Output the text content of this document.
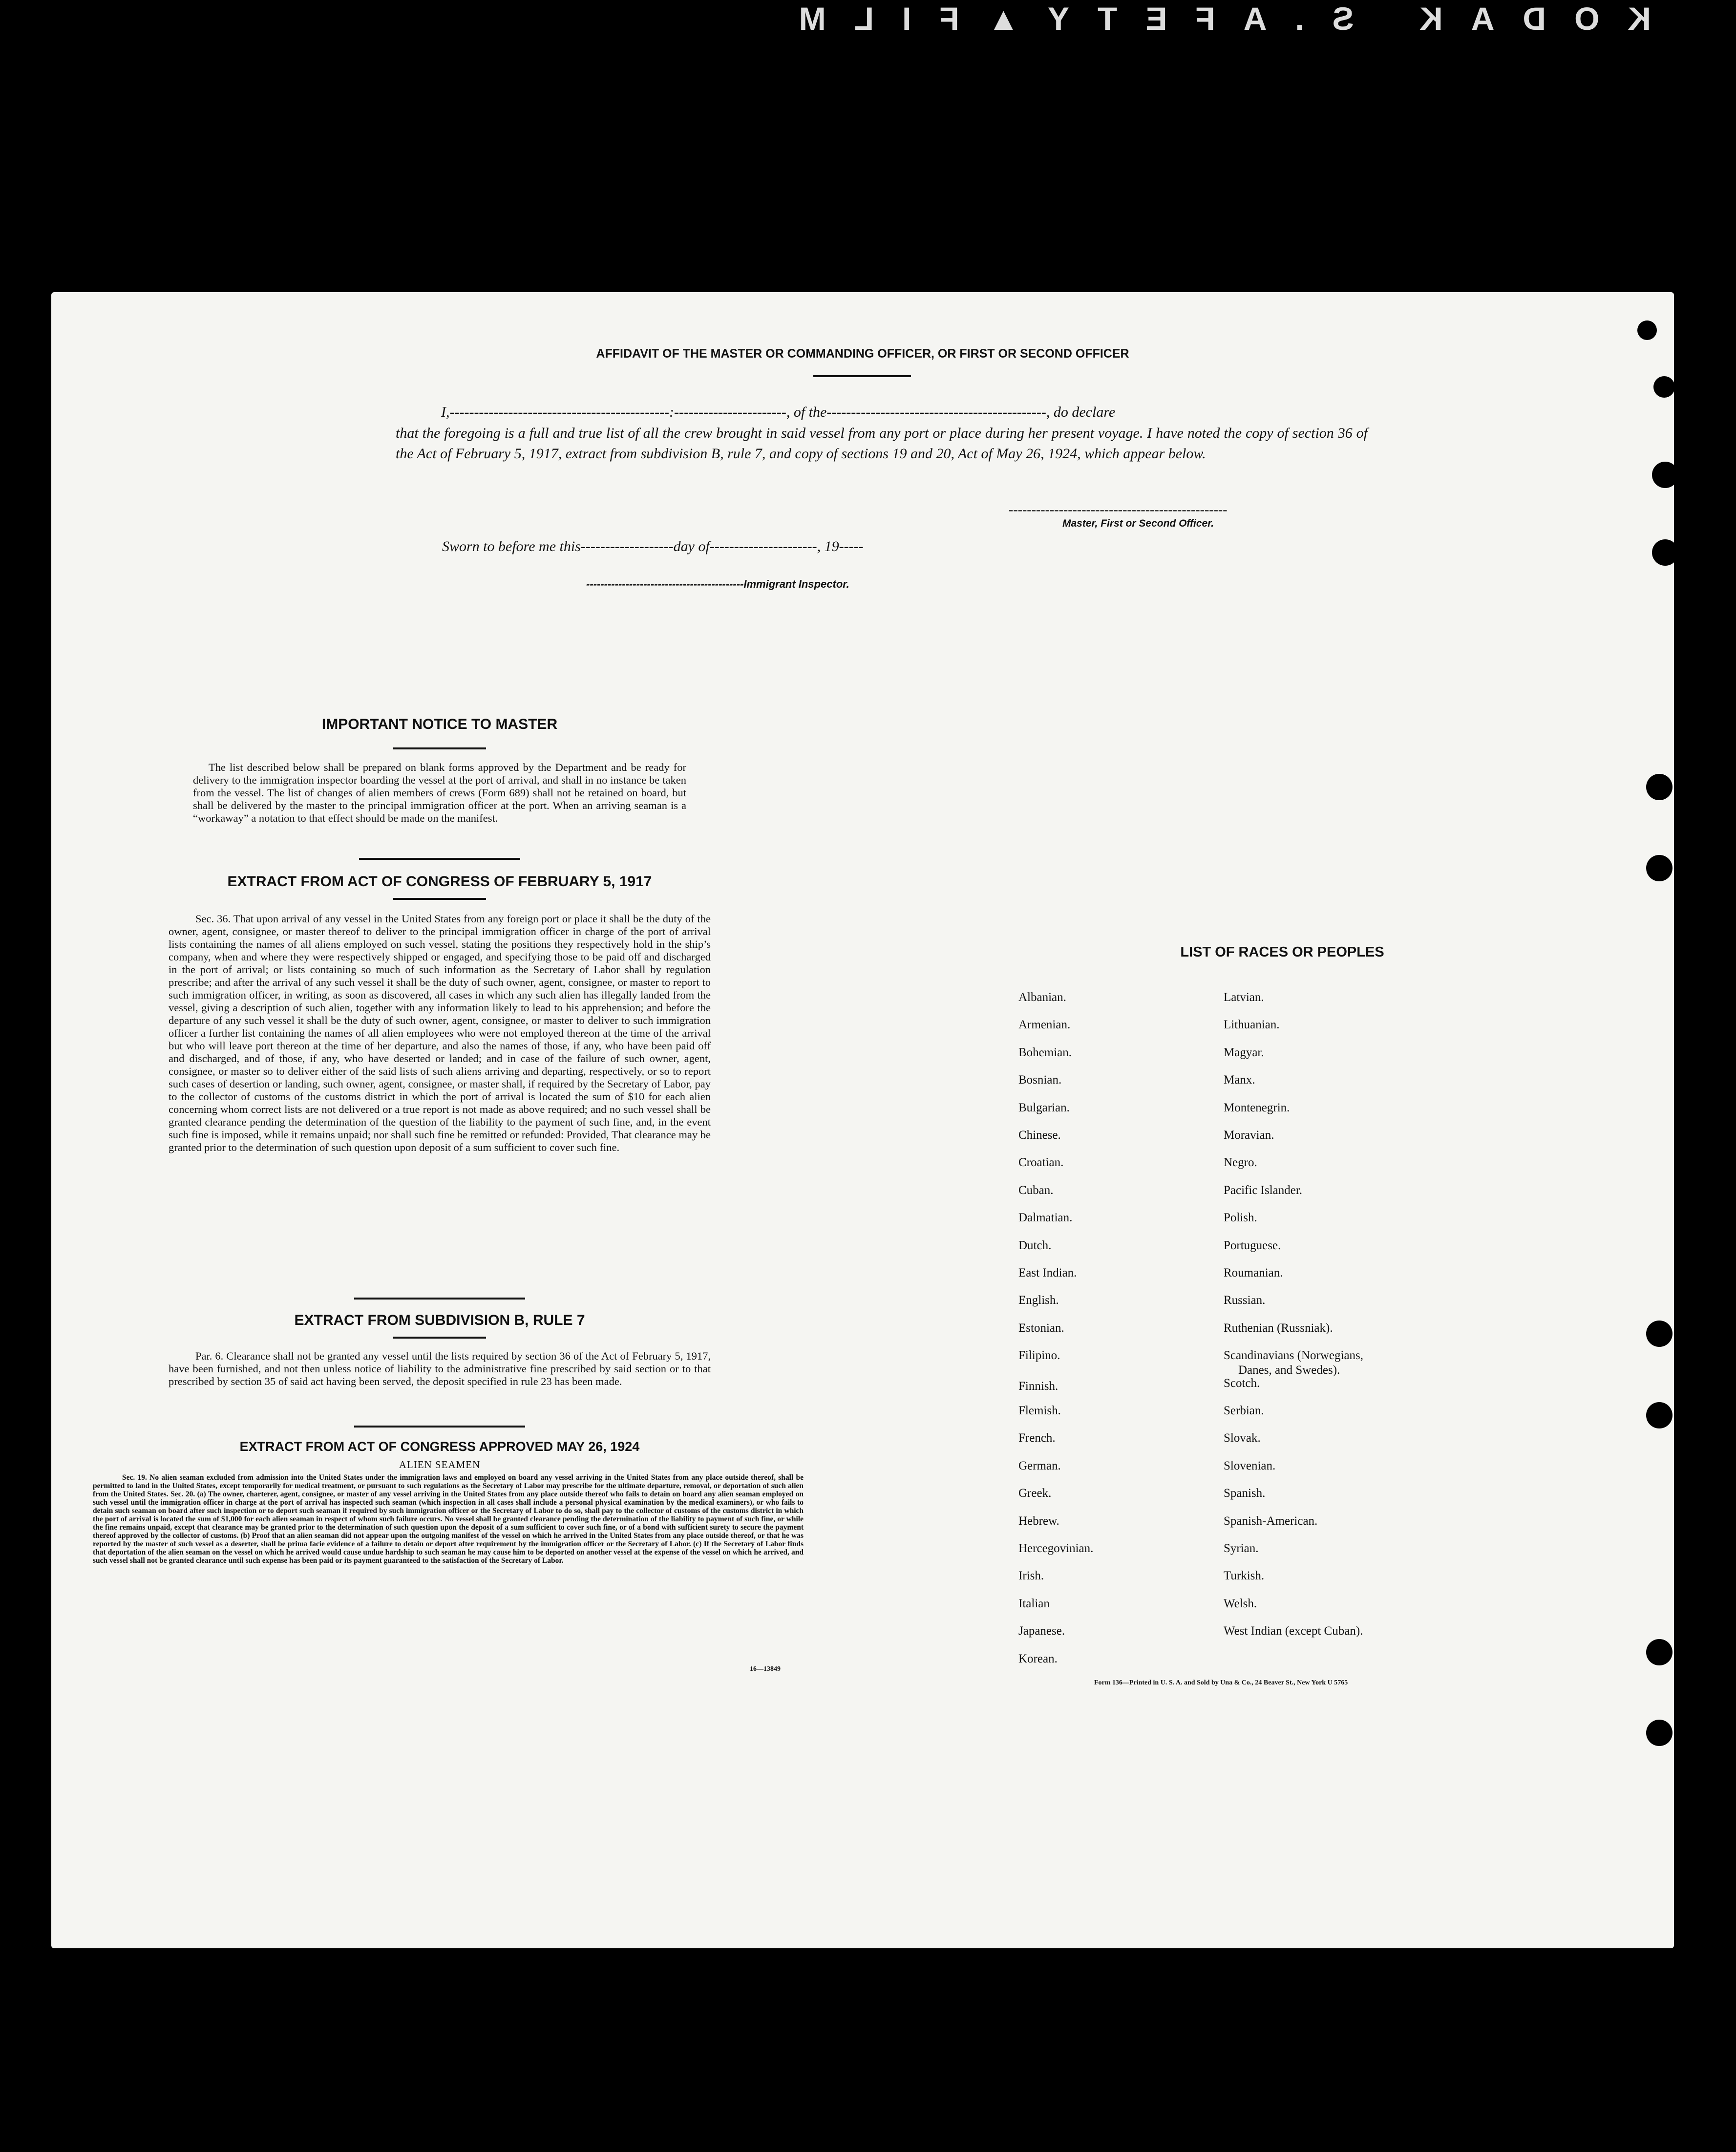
KODAK S.AFETY▲FILM
AFFIDAVIT OF THE MASTER OR COMMANDING OFFICER, OR FIRST OR SECOND OFFICER
I,---------------------------------------------:-----------------------, of the---------------------------------------------, do declare
that the foregoing is a full and true list of all the crew brought in said vessel from any port or place during her present voyage. I have noted the copy of section 36 of the Act of February 5, 1917, extract from subdivision B, rule 7, and copy of sections 19 and 20, Act of May 26, 1924, which appear below.
------------------------------------------------
Master, First or Second Officer.
Sworn to before me this-------------------day of----------------------, 19-----
--------------------------------------------Immigrant Inspector.
IMPORTANT NOTICE TO MASTER
The list described below shall be prepared on blank forms approved by the Department and be ready for delivery to the immigration inspector boarding the vessel at the port of arrival, and shall in no instance be taken from the vessel. The list of changes of alien members of crews (Form 689) shall not be retained on board, but shall be delivered by the master to the principal immigration officer at the port. When an arriving seaman is a “workaway” a notation to that effect should be made on the manifest.
EXTRACT FROM ACT OF CONGRESS OF FEBRUARY 5, 1917
Sec. 36. That upon arrival of any vessel in the United States from any foreign port or place it shall be the duty of the owner, agent, consignee, or master thereof to deliver to the principal immigration officer in charge of the port of arrival lists containing the names of all aliens employed on such vessel, stating the positions they respectively hold in the ship’s company, when and where they were respectively shipped or engaged, and specifying those to be paid off and discharged in the port of arrival; or lists containing so much of such information as the Secretary of Labor shall by regulation prescribe; and after the arrival of any such vessel it shall be the duty of such owner, agent, consignee, or master to report to such immigration officer, in writing, as soon as discovered, all cases in which any such alien has illegally landed from the vessel, giving a description of such alien, together with any information likely to lead to his apprehension; and before the departure of any such vessel it shall be the duty of such owner, agent, consignee, or master to deliver to such immigration officer a further list containing the names of all alien employees who were not employed thereon at the time of the arrival but who will leave port thereon at the time of her departure, and also the names of those, if any, who have been paid off and discharged, and of those, if any, who have deserted or landed; and in case of the failure of such owner, agent, consignee, or master so to deliver either of the said lists of such aliens arriving and departing, respectively, or so to report such cases of desertion or landing, such owner, agent, consignee, or master shall, if required by the Secretary of Labor, pay to the collector of customs of the customs district in which the port of arrival is located the sum of $10 for each alien concerning whom correct lists are not delivered or a true report is not made as above required; and no such vessel shall be granted clearance pending the determination of the question of the liability to the payment of such fine, and, in the event such fine is imposed, while it remains unpaid; nor shall such fine be remitted or refunded: Provided, That clearance may be granted prior to the determination of such question upon deposit of a sum sufficient to cover such fine.
EXTRACT FROM SUBDIVISION B, RULE 7
Par. 6. Clearance shall not be granted any vessel until the lists required by section 36 of the Act of February 5, 1917, have been furnished, and not then unless notice of liability to the administrative fine prescribed by said section or to that prescribed by section 35 of said act having been served, the deposit specified in rule 23 has been made.
EXTRACT FROM ACT OF CONGRESS APPROVED MAY 26, 1924
ALIEN SEAMEN
Sec. 19. No alien seaman excluded from admission into the United States under the immigration laws and employed on board any vessel arriving in the United States from any place outside thereof, shall be permitted to land in the United States, except temporarily for medical treatment, or pursuant to such regulations as the Secretary of Labor may prescribe for the ultimate departure, removal, or deportation of such alien from the United States. Sec. 20. (a) The owner, charterer, agent, consignee, or master of any vessel arriving in the United States from any place outside thereof who fails to detain on board any alien seaman employed on such vessel until the immigration officer in charge at the port of arrival has inspected such seaman (which inspection in all cases shall include a personal physical examination by the medical examiners), or who fails to detain such seaman on board after such inspection or to deport such seaman if required by such immigration officer or the Secretary of Labor to do so, shall pay to the collector of customs of the customs district in which the port of arrival is located the sum of $1,000 for each alien seaman in respect of whom such failure occurs. No vessel shall be granted clearance pending the determination of the liability to payment of such fine, or while the fine remains unpaid, except that clearance may be granted prior to the determination of such question upon the deposit of a sum sufficient to cover such fine, or of a bond with sufficient surety to secure the payment thereof approved by the collector of customs. (b) Proof that an alien seaman did not appear upon the outgoing manifest of the vessel on which he arrived in the United States from any place outside thereof, or that he was reported by the master of such vessel as a deserter, shall be prima facie evidence of a failure to detain or deport after requirement by the immigration officer or the Secretary of Labor. (c) If the Secretary of Labor finds that deportation of the alien seaman on the vessel on which he arrived would cause undue hardship to such seaman he may cause him to be deported on another vessel at the expense of the vessel on which he arrived, and such vessel shall not be granted clearance until such expense has been paid or its payment guaranteed to the satisfaction of the Secretary of Labor.
16—13849
LIST OF RACES OR PEOPLES
Form 136—Printed in U. S. A. and Sold by Una & Co., 24 Beaver St., New York U 5765
Albanian.
Armenian.
Bohemian.
Bosnian.
Bulgarian.
Chinese.
Croatian.
Cuban.
Dalmatian.
Dutch.
East Indian.
English.
Estonian.
Filipino.
Finnish.
Flemish.
French.
German.
Greek.
Hebrew.
Hercegovinian.
Irish.
Italian
Japanese.
Korean.
Latvian.
Lithuanian.
Magyar.
Manx.
Montenegrin.
Moravian.
Negro.
Pacific Islander.
Polish.
Portuguese.
Roumanian.
Russian.
Ruthenian (Russniak).
Scandinavians (Norwegians,
Danes, and Swedes).
Scotch.
Serbian.
Slovak.
Slovenian.
Spanish.
Spanish-American.
Syrian.
Turkish.
Welsh.
West Indian (except Cuban).
